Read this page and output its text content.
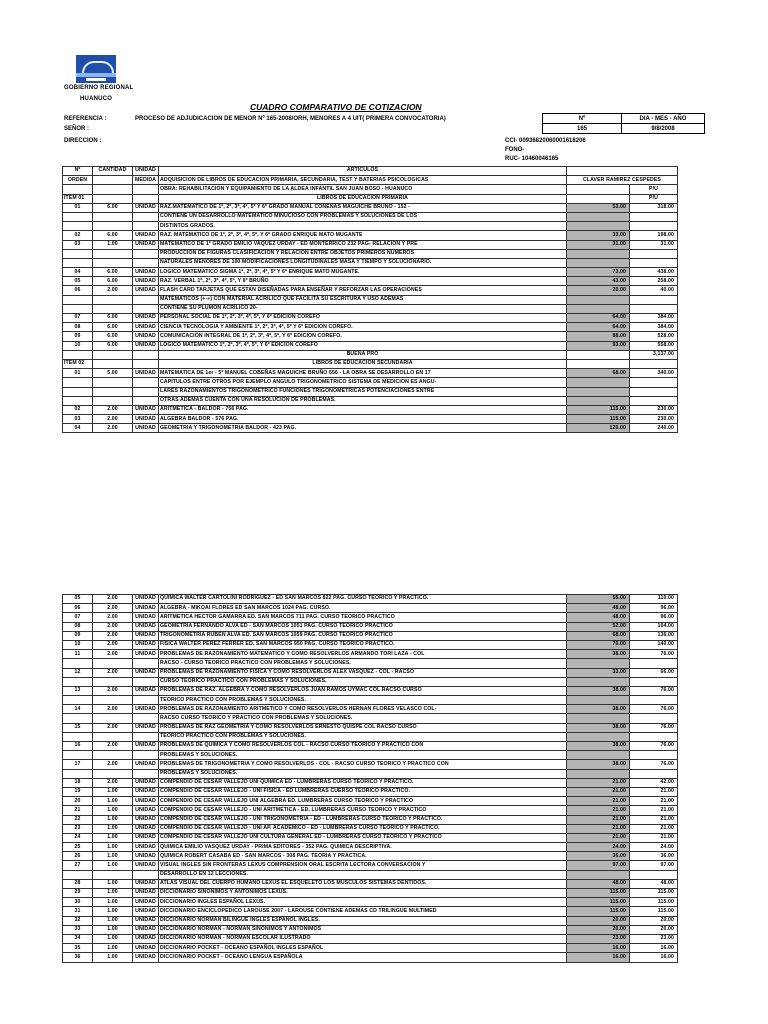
GOBIERNO REGIONAL
HUANUCO
CUADRO COMPARATIVO DE COTIZACION
REFERENCIA :	PROCESO DE ADJUDICACION DE MENOR Nº 165-2008/ORH, MENORES A 4 UIT( PRIMERA CONVOCATORIA)
SEÑOR :
DIRECCION :
Nº	DIA - MES - AÑO
165	9/8/2008
CCI- 00936820060001618206
FONO-
RUC- 10460046165
Nº	CANTIDAD	UNIDAD	ARTICULOS			
ORDEN		MEDIDA	ADQUISICION DE LIBROS DE EDUCACION PRIMARIA, SECUNDARIA, TEST Y BATERIAS PSICOLOGICAS	CLAVER RAMIREZ CESPEDES		
			OBRA: REHABILITACION Y EQUIPAMIENTO DE LA ALDEA INFANTIL SAN JUAN BOSO - HUANUCO		P/U	
ITEM 01			LIBROS DE EDUCACION PRIMARIA		P/U	
01	6.00	UNIDAD	RAZ.MATEMATICO DE 1º, 2º, 3º, 4º, 5º Y 6º GRADO MANUAL COÑEÑAS MAGUICHE BRUNO - 152 -	53.00	318.00	
			CONTIENE UN DESARROLLO MATEMATICO MINUCIOSO CON PROBLEMAS Y SOLUCIONES DE LOS			
			DISTINTOS GRADOS.			
02	6.00	UNIDAD	RAZ. MATEMATICO DE 1º, 2º, 3º, 4º, 5º, Y 6º GRADO ENRIQUE MATO MUGANTE	33.00	198.00	
03	1.00	UNIDAD	MATEMATICO DE 1º GRADO EMILIO VAQUEZ URDAY - ED MONTERRICO 232 PAG- RELACION Y PRE	31.00	31.00	
			PRODUCCION DE FIGURAS CLASIFICACIÓN Y RELACION ENTRE OBJETOS PRIMEROS NUMEROS			
			NATURALES MENORES DE 100 MODIFICACIONES LONGITUDINALES MASA Y TIEMPO Y SOLUCIONARIO.			
04	6.00	UNIDAD	LOGICO MATEMATICO SIGMA 1º, 2º, 3º, 4º, 5º Y 6º ENRIQUE MATO MUGANTE.	73.00	438.00	
05	6.00	UNIDAD	RAZ. VERBAL 1º, 2º, 3º, 4º, 5º, Y 6º BRUÑO	43.00	258.00	
06	2.00	UNIDAD	FLASH CARD TARJETAS QUE ESTAN DISEÑADAS PARA ENSEÑAR Y REFORZAR LAS OPERACIONES	20.00	40.00	
			MATEMATICOS (+-÷) CON MATERIAL ACRILICO QUE FACILITA SU ESCRITURA Y USO ADEMAS			
			CONTIENE SU PLUMON ACRILICO 20-			
07	6.00	UNIDAD	PERSONAL SOCIAL DE 1º, 2º, 3º, 4º, 5º, Y 6º EDICION COREFO	64.00	384.00	
08	6.00	UNIDAD	CIENCIA TECNOLOGIA Y AMBIENTE 1º, 2º, 3º, 4º, 5º Y 6º EDICION COREFO.	64.00	384.00	
09	6.00	UNIDAD	COMUNICACIÓN INTEGRAL DE 1º, 2º, 3º, 4º, 5º, Y 6º EDICION COREFO.	88.00	528.00	
10	6.00	UNIDAD	LOGICO MATEMATICO 1º, 2º, 3º, 4º, 5º, Y 6º EDICION COREFO	93.00	558.00	
			BUENA PRO		3,137.00	
ITEM 02			LIBROS DE EDUCACION SECUNDARIA			
01	5.00	UNIDAD	MATEMATICA DE 1er - 5º MANUEL COBEÑAS MAGUICHE BRUÑO 556 - LA OBRA SE DESARROLLO EN 17	68.00	340.00	
			CAPITULOS ENTRE OTROS POR EJEMPLO ANGULO TRIGONOMETRICO SISTEMA DE MEDICION ES ANGU-			
			LARES RAZONAMIENTOS TRIGONOMETRICO FUNCIONES TRIGONOMETRICAS POTENCIACIONES ENTRE			
			OTRAS ADEMAS CUENTA CON UNA RESOLUCION DE PROBLEMAS.			
02	2.00	UNIDAD	ARITMETICA - BALDOR - 756 PAG.	115.00	230.00	
03	2.00	UNIDAD	ALGEBRA BALDOR - 576 PAG.	115.00	230.00	
04	2.00	UNIDAD	GEOMETRIA Y TRIGONOMETRIA BALDOR - 423 PAG.	120.00	240.00	
05	2.00	UNIDAD	QUIMICA WALTER CARTOLINI RODRIGUEZ - ED SAN MARCOS 822 PAG. CURSO TEORICO Y PRACTICO.	55.00	110.00	
06	2.00	UNIDAD	ALGEBRA - MIKOAI FLORES ED SAN MARCOS 1024 PAG. CURSO.	48.00	96.00	
07	2.00	UNIDAD	ARITMETICA HECTOR GAMARRA ED. SAN MARCOS 711 PAG. CURSO TEORICO PRACTICO	48.00	96.00	
08	2.00	UNIDAD	GEOMETRIA FERNANDO ALVA ED - SAN MARCOS 1051 PAG. CURSO TEORICO PRACTICO	52.00	104.00	
09	2.00	UNIDAD	TRIGONOMETRIA RUBEN ALVA ED. SAN MARCOS 1059 PAG. CURSO TEORICO PRACTICO	68.00	136.00	
10	2.00	UNIDAD	FISICA WALTER PEREZ FERRER ED. SAN MARCOS 950 PAG. CURSO TEORICO PRACTICO.	70.00	140.00	
11	2.00	UNIDAD	PROBLEMAS DE RAZONAMIENTO MATEMATICO Y COMO RESOLVERLOS ARMANDO TORI LAZA - COL	38.00	76.00	
			RACSO - CURSO TEORICO PRACTICO CON PROBLEMAS Y SOLUCIONES.			
12	2.00	UNIDAD	PROBLEMAS DE RAZONAMIENTO FISICA Y COMO RESOLVERLOS ALEX VASQUEZ - COL - RACSO	33.00	66.00	
			CURSO TEORICO PRACTICO CON PROBLEMAS Y SOLUCIONES.			
13	2.00	UNIDAD	PROBLEMAS DE RAZ. ALGEBRA Y COMO RESOLVERLOS JUAN RAMOS UYMAC COL RACSO CURSO	38.00	76.00	
			TEORICO PRACTICO CON PROBLEMAS Y SOLUCIONES.			
14	2.00	UNIDAD	PROBLEMAS DE RAZONAMIENTO ARITMETICO Y COMO RESOLVERLOS HERNAN FLORES VELASCO COL-	38.00	76.00	
			RACSO CURSO TEORICO Y PRACTICO CON PROBLEMAS Y SOLUCIONES.			
15	2.00	UNIDAD	PROBLEMAS DE RAZ GEOMETRIA Y COMO RESOLVERLOS ERNESTO QUISPE COL RACSO CURSO	38.00	76.00	
			TEORICO PRACTICO CON PROBLEMAS Y SOLUCIONES.			
16	2.00	UNIDAD	PROBLEMAS DE QUIMICA Y COMO RESOLVERLOS COL - RACSO CURSO TEORICO Y PRACTICO CON	38.00	76.00	
			PROBLEMAS Y SOLUCIONES.			
17	2.00	UNIDAD	PROBLEMAS DE TRIGONOMETRIA Y COMO RESOLVERLOS - COL - RACSO CURSO TEORICO Y PRACTICO CON	38.00	76.00	
			PROBLEMAS Y SOLUCIONES.			
18	2.00	UNIDAD	COMPENDIO DE CESAR VALLEJO UNI QUIMICA ED - LUMBRERAS CURSO TEORICO Y PRACTICO.	21.00	42.00	
19	1.00	UNIDAD	COMPENDIO DE CESAR VALLEJO - UNI FISICA - ED LUMBRERAS CUERSO TEORICO PRACTICO.	21.00	21.00	
20	1.00	UNIDAD	COMPENDIO DE CESAR VALLEJO UNI ALGEBRA ED. LUMBRERAS CURSO TEORICO Y PRACTICO	21.00	21.00	
21	1.00	UNIDAD	COMPENDIO DE CESAR VALLEJO - UNI ARITMETICA - ED. LUMBRERAS CURSO TEORICO Y PRACTICO	21.00	21.00	
22	1.00	UNIDAD	COMPENDIO DE CESAR VALLEJO - UNI TRIGONOMETRIA - ED - LUMBRERAS CURSO TEORICO Y PRACTICO.	21.00	21.00	
23	1.00	UNIDAD	COMPENDIO DE CESAR VALLEJO - UNI AP. ACADEMICO - ED - LUMBRERAS CURSO TEORICO Y PRACTICO.	21.00	21.00	
24	1.00	UNIDAD	COMPENDIO DE CESAR VALLEJO UNI CULTURA GENERAL ED - LUMBRERAS CURSO TEORICO Y PRACTICO	21.00	21.00	
25	1.00	UNIDAD	QUIMICA EMILIO VASQUEZ URDAY - PRIMA EDITORES - 352 PAG. QUIMICA DESCRIPTIVA.	24.00	24.00	
26	1.00	UNIDAD	QUIMICA ROBERT CASABA ED - SAN MARCOS - 308 PAG. TEORIA Y PRACTICA.	36.00	36.00	
27	1.00	UNIDAD	VISUAL INGLES SIN FRONTERAS LEXUS COMPRENSION ORAL ESCRITA LECTORA CONVERSACION Y	97.00	97.00	
			DESARROLLO EN 12 LECCIONES.			
28	1.00	UNIDAD	ATLAS VISUAL DEL CUERPO HUMANO LEXUS EL ESQUELETO LOS MUSCULOS SISTEMAS DENTIDOS.	48.00	48.00	
29	1.00	UNIDAD	DICCIONARIO SINONIMOS Y ANTONIMOS LEXUS.	115.00	115.00	
30	1.00	UNIDAD	DICCIONARIO INGLES ESPAÑOL LEXUS.	115.00	115.00	
31	1.00	UNIDAD	DICCIONARIO ENCICLOPEDICO LAROUSE 2007 - LAROUSE CONTIENE ADEMAS CD TRILINGUE MULTIMED	115.00	115.00	
32	1.00	UNIDAD	DICCIONARIO NORMAN BILINGÜE INGLES ESPAÑOL INGLES.	20.00	20.00	
33	1.00	UNIDAD	DICCIONARIO NORMAN - NORMAN SINONIMOS Y ANTONIMOS	20.00	20.00	
34	1.00	UNIDAD	DICCIONARIO NORMAN - NORMAN ESCOLAR ILUSTRADO	23.00	23.00	
35	1.00	UNIDAD	DICCIONARIO POCKET - OCEANO ESPAÑOL INGLES ESPAÑOL	16.00	16.00	
36	1.00	UNIDAD	DICCIONARIO POCKET - OCEANO LENGUA ESPAÑOLA	16.00	16.00	
